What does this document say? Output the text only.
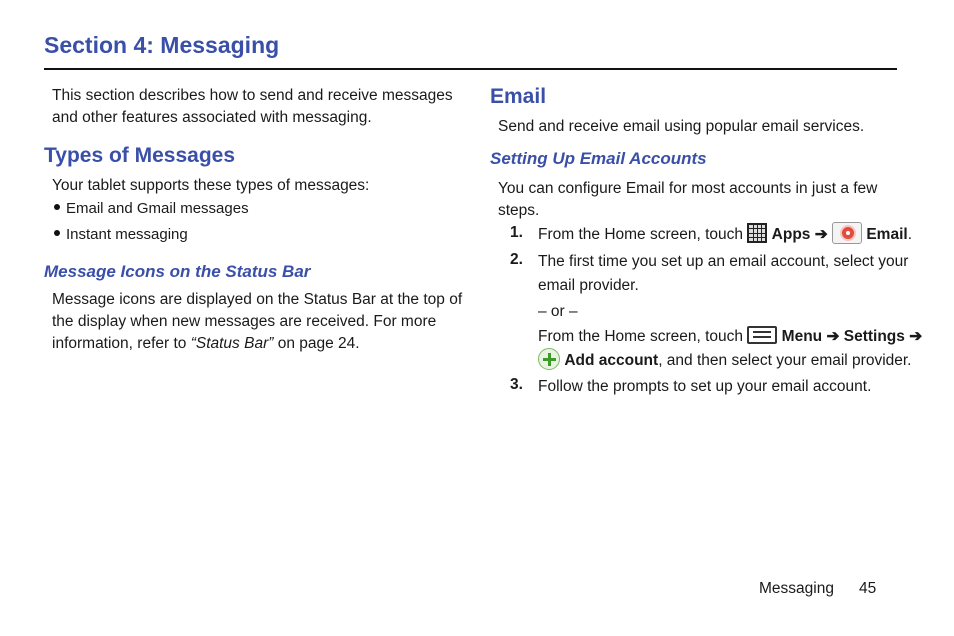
Section 4: Messaging
This section describes how to send and receive messages
and other features associated with messaging.
Types of Messages
Your tablet supports these types of messages:
Email and Gmail messages
Instant messaging
Message Icons on the Status Bar
Message icons are displayed on the Status Bar at the top of
the display when new messages are received. For more
information, refer to “Status Bar” on page 24.
Email
Send and receive email using popular email services.
Setting Up Email Accounts
You can configure Email for most accounts in just a few
steps.
1. From the Home screen, touch
Apps ➔ Email.
2. The first time you set up an email account, select your
email provider.
– or –
From the Home screen, touch
Menu ➔ Settings ➔
Add account, and then select your email provider.
3. Follow the prompts to set up your email account.
Messaging 45
